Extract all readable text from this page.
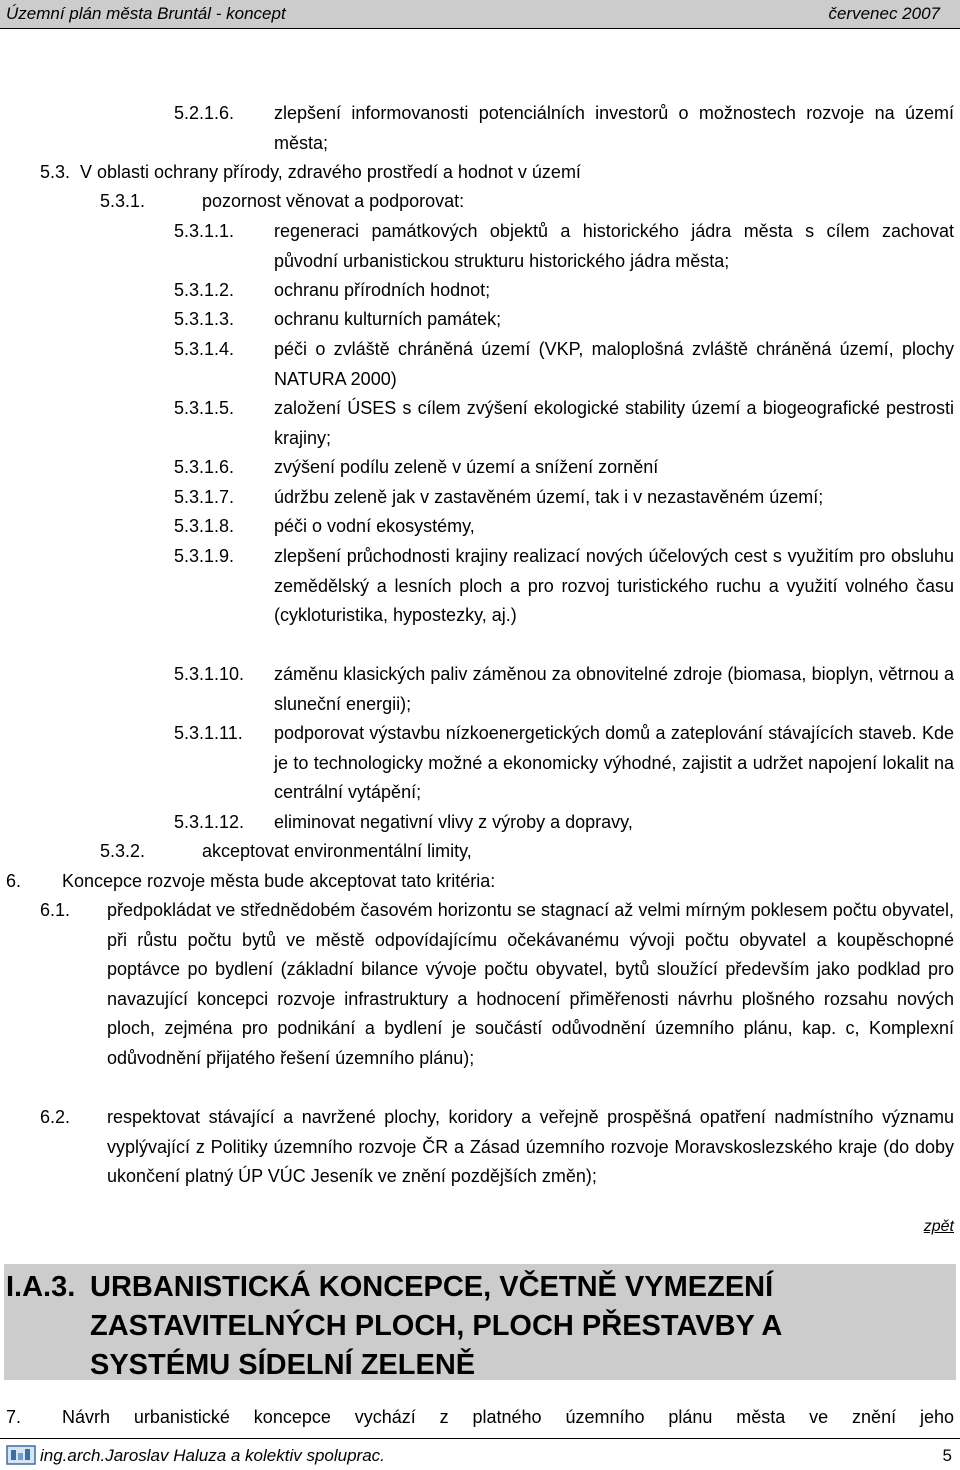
Územní plán města Bruntál - koncept	červenec 2007
5.2.1.6. zlepšení informovanosti potenciálních investorů o možnostech rozvoje na území města;
5.3. V oblasti ochrany přírody, zdravého prostředí a hodnot v území
5.3.1.	pozornost věnovat a podporovat:
5.3.1.1. regeneraci památkových objektů a historického jádra města s cílem zachovat původní urbanistickou strukturu historického jádra města;
5.3.1.2. ochranu přírodních hodnot;
5.3.1.3. ochranu kulturních památek;
5.3.1.4. péči o zvláště chráněná území (VKP, maloplošná zvláště chráněná území, plochy NATURA 2000)
5.3.1.5. založení ÚSES s cílem zvýšení ekologické stability území a biogeografické pestrosti krajiny;
5.3.1.6. zvýšení podílu zeleně v území a snížení zornění
5.3.1.7. údržbu zeleně jak v zastavěném území, tak i v nezastavěném území;
5.3.1.8. péči o vodní ekosystémy,
5.3.1.9. zlepšení průchodnosti krajiny realizací nových účelových cest s využitím pro obsluhu zemědělský a lesních ploch a pro rozvoj turistického ruchu a využití volného času (cykloturistika, hypostezky, aj.)
5.3.1.10. záměnu klasických paliv záměnou za obnovitelné zdroje (biomasa, bioplyn, větrnou a sluneční energii);
5.3.1.11. podporovat výstavbu nízkoenergetických domů a zateplování stávajících staveb. Kde je to technologicky možné a ekonomicky výhodné, zajistit a udržet napojení lokalit na centrální vytápění;
5.3.1.12. eliminovat negativní vlivy z výroby a dopravy,
5.3.2.	akceptovat environmentální limity,
6. Koncepce rozvoje města bude akceptovat tato kritéria:
6.1. předpokládat ve střednědobém časovém horizontu se stagnací až velmi mírným poklesem počtu obyvatel, při růstu počtu bytů ve městě odpovídajícímu očekávanému vývoji počtu obyvatel a koupěschopné poptávce po bydlení (základní bilance vývoje počtu obyvatel, bytů sloužící především jako podklad pro navazující koncepci rozvoje infrastruktury a hodnocení přiměřenosti návrhu plošného rozsahu nových ploch, zejména pro podnikání a bydlení je součástí odůvodnění územního plánu, kap. c, Komplexní odůvodnění přijatého řešení územního plánu);
6.2. respektovat stávající a navržené plochy, koridory a veřejně prospěšná opatření nadmístního významu vyplývající z Politiky územního rozvoje ČR a Zásad územního rozvoje Moravskoslezského kraje (do doby ukončení platný ÚP VÚC Jeseník ve znění pozdějších změn);
zpět
I.A.3. URBANISTICKÁ KONCEPCE, VČETNĚ VYMEZENÍ ZASTAVITELNÝCH PLOCH, PLOCH PŘESTAVBY A SYSTÉMU SÍDELNÍ ZELENĚ
7. Návrh urbanistické koncepce vychází z platného územního plánu města ve znění jeho
ing.arch.Jaroslav Haluza a kolektiv spoluprac.	5
